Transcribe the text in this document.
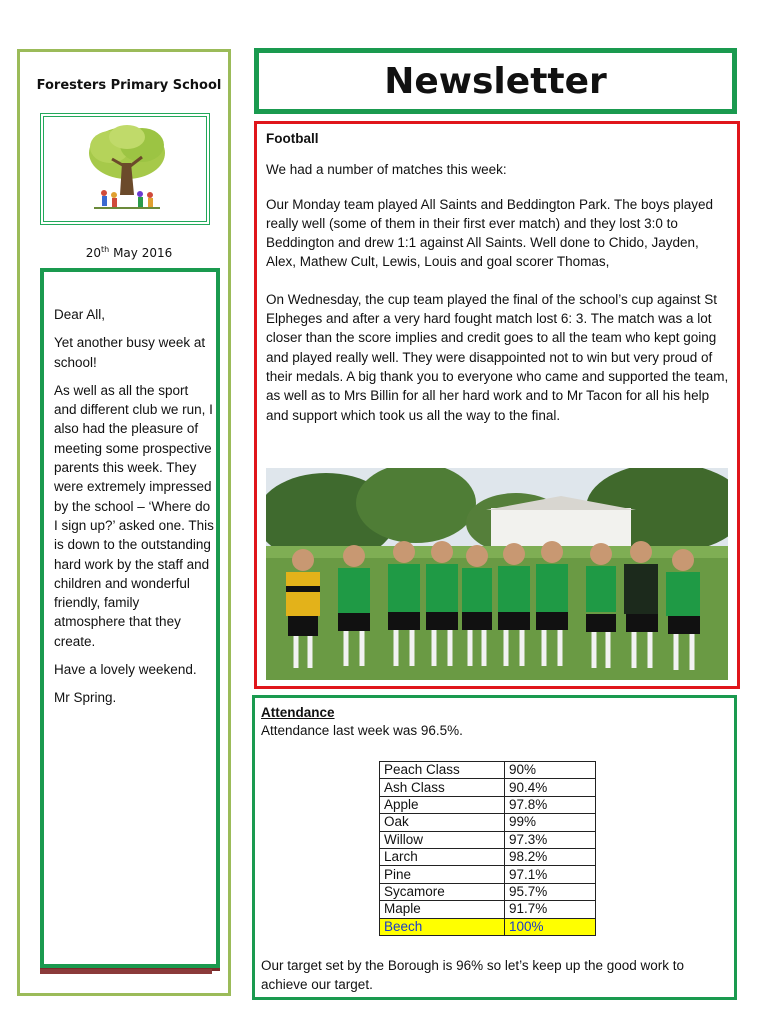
Foresters Primary School
20th May 2016

Dear All,

Yet another busy week at school!

As well as all the sport and different club we run, I also had the pleasure of meeting some prospective parents this week. They were extremely impressed by the school – ‘Where do I sign up?’ asked one. This is down to the outstanding hard work by the staff and children and wonderful friendly, family atmosphere that they create.

Have a lovely weekend.

Mr Spring.

Newsletter
Football

We had a number of matches this week:

Our Monday team played All Saints and Beddington Park. The boys played really well (some of them in their first ever match) and they lost 3:0 to Beddington and drew 1:1 against All Saints. Well done to Chido, Jayden, Alex, Mathew Cult, Lewis, Louis and goal scorer Thomas,

On Wednesday, the cup team played the final of the school’s cup against St Elpheges and after a very hard fought match lost 6: 3. The match was a lot closer than the score implies and credit goes to all the team who kept going and played really well. They were disappointed not to win but very proud of their medals. A big thank you to everyone who came and supported the team, as well as to Mrs Billin for all her hard work and to Mr Tacon for all his help and support which took us all the way to the final.

Attendance
Attendance last week was 96.5%.
Peach Class	90%
Ash Class	90.4%
Apple	97.8%
Oak	99%
Willow	97.3%
Larch	98.2%
Pine	97.1%
Sycamore	95.7%
Maple	91.7%
Beech	100%
Our target set by the Borough is 96% so let’s keep up the good work to achieve our target.
